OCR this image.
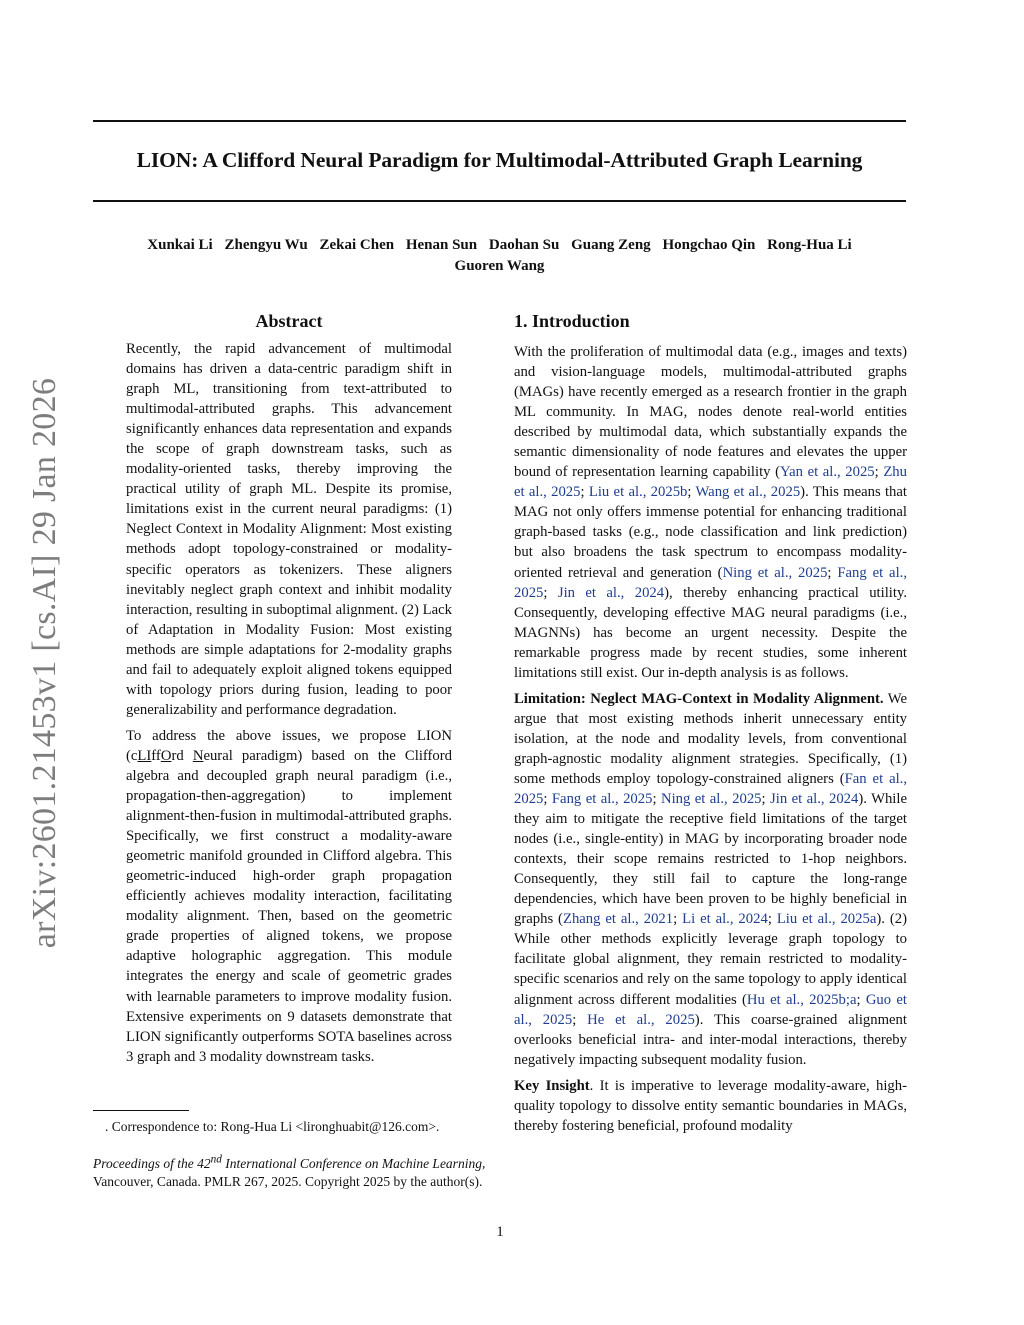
LION: A Clifford Neural Paradigm for Multimodal-Attributed Graph Learning
Xunkai Li Zhengyu Wu Zekai Chen Henan Sun Daohan Su Guang Zeng Hongchao Qin Rong-Hua Li
Guoren Wang
arXiv:2601.21453v1 [cs.AI] 29 Jan 2026
Abstract

Recently, the rapid advancement of multimodal domains has driven a data-centric paradigm shift in graph ML, transitioning from text-attributed to multimodal-attributed graphs. This advancement significantly enhances data representation and expands the scope of graph downstream tasks, such as modality-oriented tasks, thereby improving the practical utility of graph ML. Despite its promise, limitations exist in the current neural paradigms: (1) Neglect Context in Modality Alignment: Most existing methods adopt topology-constrained or modality-specific operators as tokenizers. These aligners inevitably neglect graph context and inhibit modality interaction, resulting in suboptimal alignment. (2) Lack of Adaptation in Modality Fusion: Most existing methods are simple adaptations for 2-modality graphs and fail to adequately exploit aligned tokens equipped with topology priors during fusion, leading to poor generalizability and performance degradation.

To address the above issues, we propose LION (cLIffOrd Neural paradigm) based on the Clifford algebra and decoupled graph neural paradigm (i.e., propagation-then-aggregation) to implement alignment-then-fusion in multimodal-attributed graphs. Specifically, we first construct a modality-aware geometric manifold grounded in Clifford algebra. This geometric-induced high-order graph propagation efficiently achieves modality interaction, facilitating modality alignment. Then, based on the geometric grade properties of aligned tokens, we propose adaptive holographic aggregation. This module integrates the energy and scale of geometric grades with learnable parameters to improve modality fusion. Extensive experiments on 9 datasets demonstrate that LION significantly outperforms SOTA baselines across 3 graph and 3 modality downstream tasks.

1. Introduction

With the proliferation of multimodal data (e.g., images and texts) and vision-language models, multimodal-attributed graphs (MAGs) have recently emerged as a research frontier in the graph ML community. In MAG, nodes denote real-world entities described by multimodal data, which substantially expands the semantic dimensionality of node features and elevates the upper bound of representation learning capability (Yan et al., 2025; Zhu et al., 2025; Liu et al., 2025b; Wang et al., 2025). This means that MAG not only offers immense potential for enhancing traditional graph-based tasks (e.g., node classification and link prediction) but also broadens the task spectrum to encompass modality-oriented retrieval and generation (Ning et al., 2025; Fang et al., 2025; Jin et al., 2024), thereby enhancing practical utility. Consequently, developing effective MAG neural paradigms (i.e., MAGNNs) has become an urgent necessity. Despite the remarkable progress made by recent studies, some inherent limitations still exist. Our in-depth analysis is as follows.

Limitation: Neglect MAG-Context in Modality Alignment. We argue that most existing methods inherit unnecessary entity isolation, at the node and modality levels, from conventional graph-agnostic modality alignment strategies. Specifically, (1) some methods employ topology-constrained aligners (Fan et al., 2025; Fang et al., 2025; Ning et al., 2025; Jin et al., 2024). While they aim to mitigate the receptive field limitations of the target nodes (i.e., single-entity) in MAG by incorporating broader node contexts, their scope remains restricted to 1-hop neighbors. Consequently, they still fail to capture the long-range dependencies, which have been proven to be highly beneficial in graphs (Zhang et al., 2021; Li et al., 2024; Liu et al., 2025a). (2) While other methods explicitly leverage graph topology to facilitate global alignment, they remain restricted to modality-specific scenarios and rely on the same topology to apply identical alignment across different modalities (Hu et al., 2025b;a; Guo et al., 2025; He et al., 2025). This coarse-grained alignment overlooks beneficial intra- and inter-modal interactions, thereby negatively impacting subsequent modality fusion.

Key Insight. It is imperative to leverage modality-aware, high-quality topology to dissolve entity semantic boundaries in MAGs, thereby fostering beneficial, profound modality

. Correspondence to: Rong-Hua Li <lironghuabit@126.com>.
Proceedings of the 42nd International Conference on Machine Learning, Vancouver, Canada. PMLR 267, 2025. Copyright 2025 by the author(s).
1
